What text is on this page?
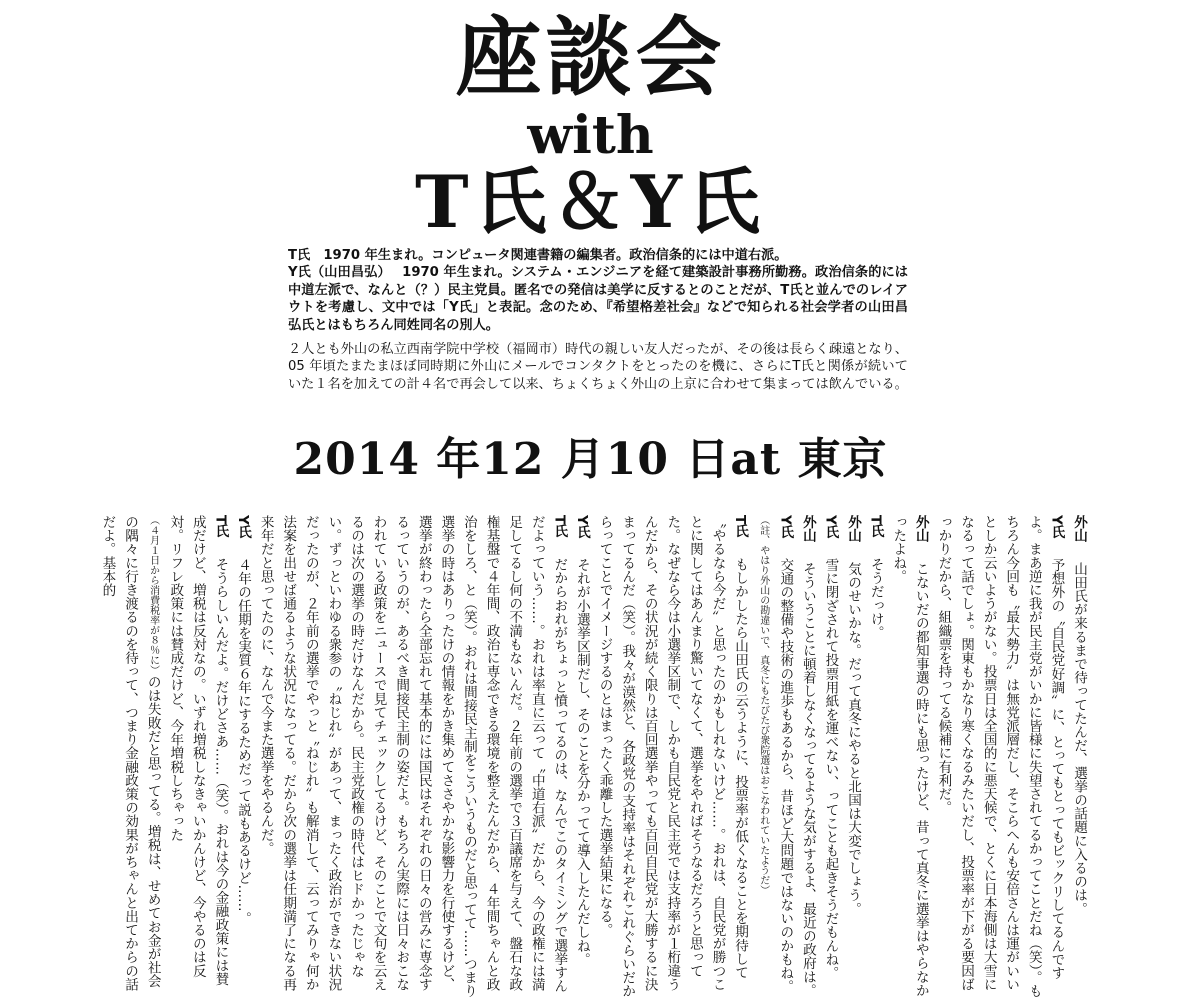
座談会
with
T氏＆Y氏

T氏　1970 年生まれ。コンピュータ関連書籍の編集者。政治信条的には中道右派。

Y氏（山田昌弘）　 1970 年生まれ。システム・エンジニアを経て建築設計事務所勤務。政治信条的には中道左派で、なんと（？）民主党員。匿名での発信は美学に反するとのことだが、T氏と並んでのレイアウトを考慮し、文中では「Y氏」と表記。念のため、『希望格差社会』などで知られる社会学者の山田昌弘氏とはもちろん同姓同名の別人。

２人とも外山の私立西南学院中学校（福岡市）時代の親しい友人だったが、その後は長らく疎遠となり、05 年頃たまたまほぼ同時期に外山にメールでコンタクトをとったのを機に、さらにT氏と関係が続いていた１名を加えての計４名で再会して以来、ちょくちょく外山の上京に合わせて集まっては飲んでいる。

2014 年12 月10 日at 東京

外山　山田氏が来るまで待ってたんだ、選挙の話題に入るのは。

Y氏　予想外の〝自民党好調〟に、とってもとってもビックリしてるんですよ。まあ逆に我が民主党がいかに皆様に失望されてるかってことだね（笑）。もちろん今回も〝最大勢力〟は無党派層だし、そこらへんも安倍さんは運がいいとしか云いようがない。投票日は全国的に悪天候で、とくに日本海側は大雪になるって話でしょ。関東もかなり寒くなるみたいだし、投票率が下がる要因ばっかりだから、組織票を持ってる候補に有利だ。

外山　こないだの都知事選の時にも思ったけど、昔って真冬に選挙はやらなかったよね。

T氏　そうだっけ。

外山　気のせいかな。だって真冬にやると北国は大変でしょう。

Y氏　雪に閉ざされて投票用紙を運べない、ってことも起きそうだもんね。

外山　そういうことに頓着しなくなってるような気がするよ、最近の政府は。

Y氏　交通の整備や技術の進歩もあるから、昔ほど大問題ではないのかもね。

（註、やはり外山の勘違いで、真冬にもたびたび衆院選はおこなわれていたようだ）

T氏　もしかしたら山田氏の云うように、投票率が低くなることを期待して〝やるなら今だ〟と思ったのかもしれないけど……。おれは、自民党が勝つことに関してはあんまり驚いてなくて、選挙をやればそうなるだろうと思ってた。なぜなら今は小選挙区制で、しかも自民党と民主党では支持率が１桁違うんだから、その状況が続く限りは百回選挙やっても百回自民党が大勝するに決まってるんだ（笑）。我々が漠然と、各政党の支持率はそれぞれこれぐらいだからってことでイメージするのとはまったく乖離した選挙結果になる。

Y氏　それが小選挙区制だし、そのことを分かってて導入したんだしね。

T氏　だからおれがちょっと憤ってるのは、なんでこのタイミングで選挙すんだよっていう……。おれは率直に云って〝中道右派〟だから、今の政権には満足してるし何の不満もないんだ。２年前の選挙で３百議席を与えて、盤石な政権基盤で４年間、政治に専念できる環境を整えたんだから、４年間ちゃんと政治をしろ、と（笑）。おれは間接民主制をこういうものだと思ってて……つまり選挙の時はありったけの情報をかき集めてささやかな影響力を行使するけど、選挙が終わったら全部忘れて基本的には国民はそれぞれの日々の営みに専念するっていうのが、あるべき間接民主制の姿だよ。もちろん実際には日々おこなわれている政策をニュースで見てチェックしてるけど、そのことで文句を云えるのは次の選挙の時だけなんだから。民主党政権の時代はヒドかったじゃない。ずっといわゆる衆参の〝ねじれ〟があって、まったく政治ができない状況だったのが、２年前の選挙でやっと〝ねじれ〟も解消して、云ってみりゃ何か法案を出せば通るような状況になってる。だから次の選挙は任期満了になる再来年だと思ってたのに、なんで今また選挙をやるんだ。

Y氏　４年の任期を実質６年にするためだって説もあるけど……。

T氏　そうらしいんだよ。だけどさあ……（笑）。おれは今の金融政策には賛成だけど、増税は反対なの。いずれ増税しなきゃいかんけど、今やるのは反対。リフレ政策には賛成だけど、今年増税しちゃった（４月１日から消費税率が８％に）のは失敗だと思ってる。増税は、せめてお金が社会の隅々に行き渡るのを待って、つまり金融政策の効果がちゃんと出てからの話だよ。基本的
